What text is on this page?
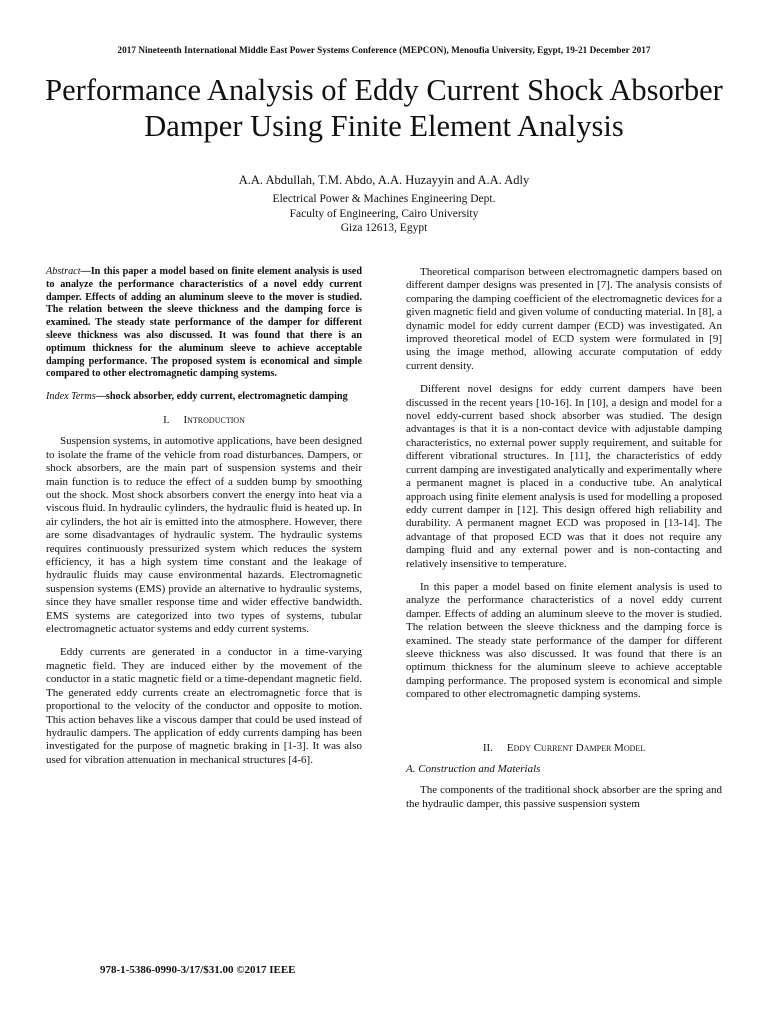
2017 Nineteenth International Middle East Power Systems Conference (MEPCON), Menoufia University, Egypt, 19-21 December 2017
Performance Analysis of Eddy Current Shock Absorber Damper Using Finite Element Analysis
A.A. Abdullah, T.M. Abdo, A.A. Huzayyin and A.A. Adly
Electrical Power & Machines Engineering Dept.
Faculty of Engineering, Cairo University
Giza 12613, Egypt

Abstract—In this paper a model based on finite element analysis is used to analyze the performance characteristics of a novel eddy current damper. Effects of adding an aluminum sleeve to the mover is studied. The relation between the sleeve thickness and the damping force is examined. The steady state performance of the damper for different sleeve thickness was also discussed. It was found that there is an optimum thickness for the aluminum sleeve to achieve acceptable damping performance. The proposed system is economical and simple compared to other electromagnetic damping systems.

Index Terms—shock absorber, eddy current, electromagnetic damping

I. Introduction

Suspension systems, in automotive applications, have been designed to isolate the frame of the vehicle from road disturbances. Dampers, or shock absorbers, are the main part of suspension systems and their main function is to reduce the effect of a sudden bump by smoothing out the shock. Most shock absorbers convert the energy into heat via a viscous fluid. In hydraulic cylinders, the hydraulic fluid is heated up. In air cylinders, the hot air is emitted into the atmosphere. However, there are some disadvantages of hydraulic system. The hydraulic systems requires continuously pressurized system which reduces the system efficiency, it has a high system time constant and the leakage of hydraulic fluids may cause environmental hazards. Electromagnetic suspension systems (EMS) provide an alternative to hydraulic systems, since they have smaller response time and wider effective bandwidth. EMS systems are categorized into two types of systems, tubular electromagnetic actuator systems and eddy current systems.

Eddy currents are generated in a conductor in a time-varying magnetic field. They are induced either by the movement of the conductor in a static magnetic field or a time-dependant magnetic field. The generated eddy currents create an electromagnetic force that is proportional to the velocity of the conductor and opposite to motion. This action behaves like a viscous damper that could be used instead of hydraulic dampers. The application of eddy currents damping has been investigated for the purpose of magnetic braking in [1-3]. It was also used for vibration attenuation in mechanical structures [4-6].

Theoretical comparison between electromagnetic dampers based on different damper designs was presented in [7]. The analysis consists of comparing the damping coefficient of the electromagnetic devices for a given magnetic field and given volume of conducting material. In [8], a dynamic model for eddy current damper (ECD) was investigated. An improved theoretical model of ECD system were formulated in [9] using the image method, allowing accurate computation of eddy current density.

Different novel designs for eddy current dampers have been discussed in the recent years [10-16]. In [10], a design and model for a novel eddy-current based shock absorber was studied. The design advantages is that it is a non-contact device with adjustable damping characteristics, no external power supply requirement, and suitable for different vibrational structures. In [11], the characteristics of eddy current damping are investigated analytically and experimentally where a permanent magnet is placed in a conductive tube. An analytical approach using finite element analysis is used for modelling a proposed eddy current damper in [12]. This design offered high reliability and durability. A permanent magnet ECD was proposed in [13-14]. The advantage of that proposed ECD was that it does not require any damping fluid and any external power and is non-contacting and relatively insensitive to temperature.

In this paper a model based on finite element analysis is used to analyze the performance characteristics of a novel eddy current damper. Effects of adding an aluminum sleeve to the mover is studied. The relation between the sleeve thickness and the damping force is examined. The steady state performance of the damper for different sleeve thickness was also discussed. It was found that there is an optimum thickness for the aluminum sleeve to achieve acceptable damping performance. The proposed system is economical and simple compared to other electromagnetic damping systems.

II. Eddy Current Damper Model
A. Construction and Materials

The components of the traditional shock absorber are the spring and the hydraulic damper, this passive suspension system

978-1-5386-0990-3/17/$31.00 ©2017 IEEE
